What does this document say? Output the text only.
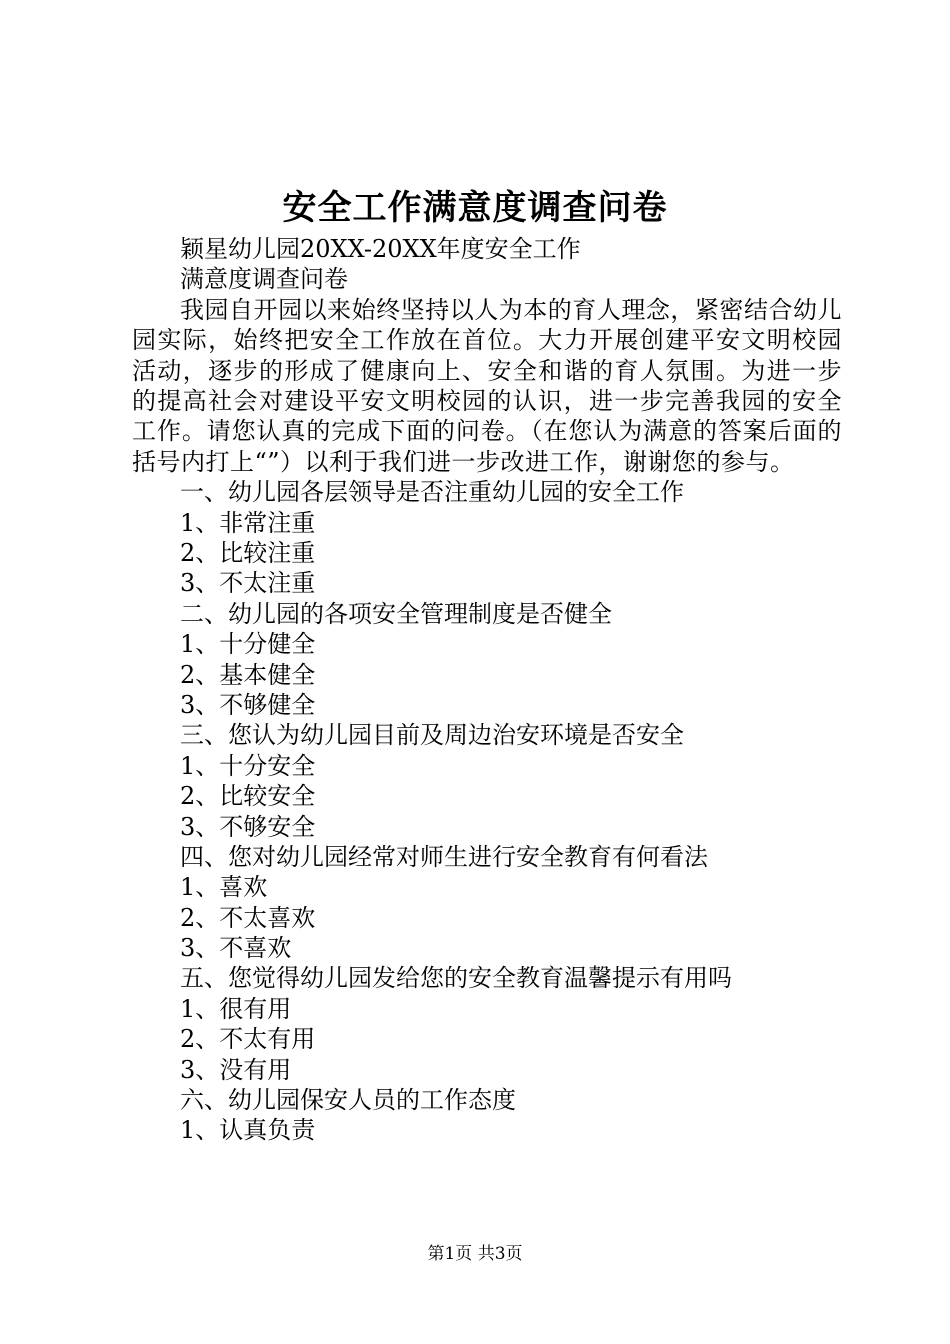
安全工作满意度调查问卷
颖星幼儿园20XX-20XX年度安全工作
满意度调查问卷
我园自开园以来始终坚持以人为本的育人理念，紧密结合幼儿园实际，始终把安全工作放在首位。大力开展创建平安文明校园活动，逐步的形成了健康向上、安全和谐的育人氛围。为进一步的提高社会对建设平安文明校园的认识，进一步完善我园的安全工作。请您认真的完成下面的问卷。（在您认为满意的答案后面的括号内打上“”）以利于我们进一步改进工作，谢谢您的参与。
一、幼儿园各层领导是否注重幼儿园的安全工作
1、非常注重
2、比较注重
3、不太注重
二、幼儿园的各项安全管理制度是否健全
1、十分健全
2、基本健全
3、不够健全
三、您认为幼儿园目前及周边治安环境是否安全
1、十分安全
2、比较安全
3、不够安全
四、您对幼儿园经常对师生进行安全教育有何看法
1、喜欢
2、不太喜欢
3、不喜欢
五、您觉得幼儿园发给您的安全教育温馨提示有用吗
1、很有用
2、不太有用
3、没有用
六、幼儿园保安人员的工作态度
1、认真负责
第1页 共3页
